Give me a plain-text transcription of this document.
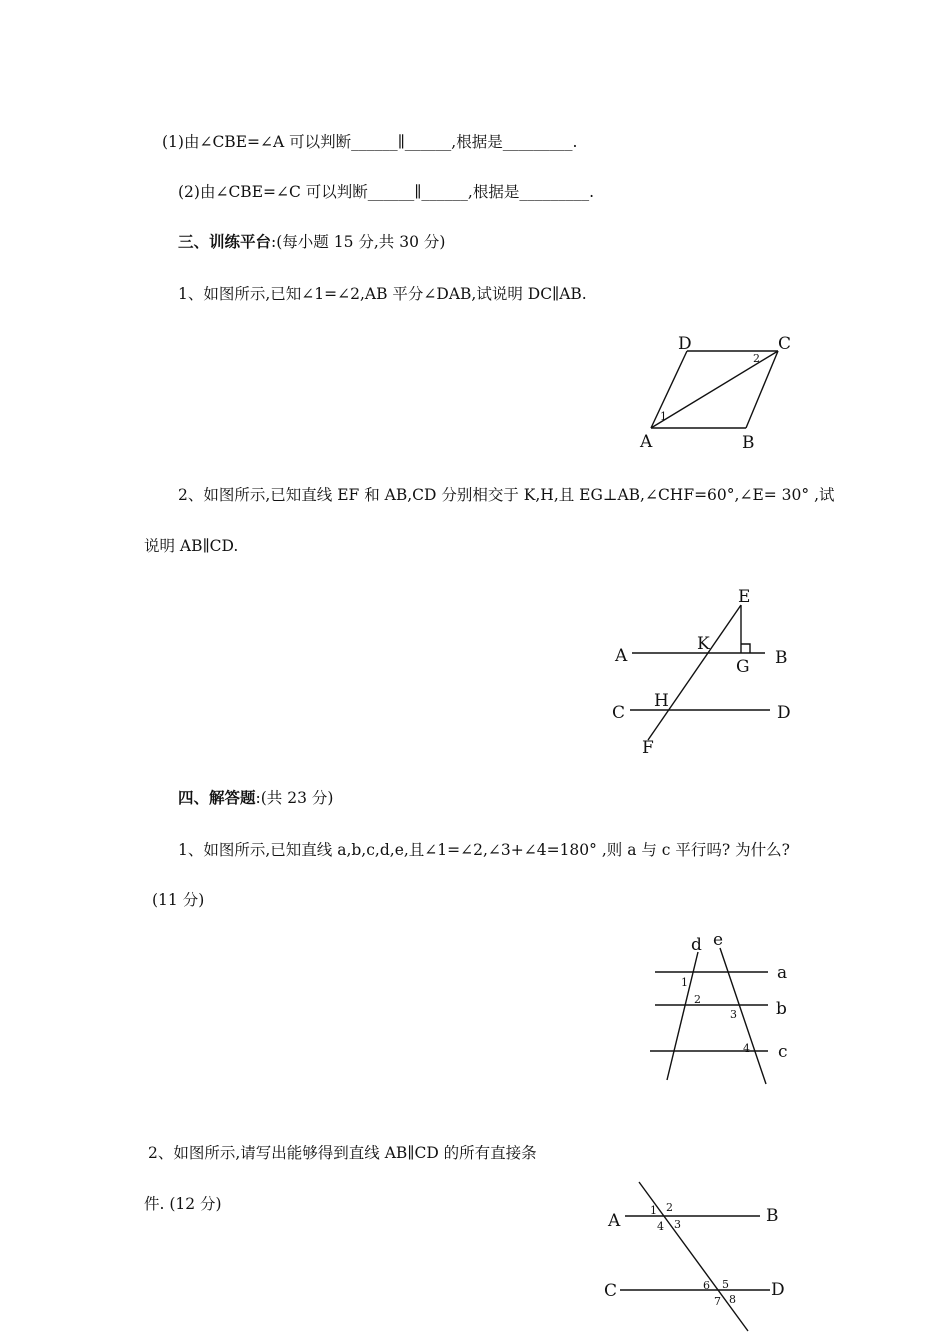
(1)由∠CBE=∠A 可以判断______∥______,根据是_________.
(2)由∠CBE=∠C 可以判断______∥______,根据是_________.
三、训练平台:(每小题 15 分,共 30 分)
1、如图所示,已知∠1=∠2,AB 平分∠DAB,试说明 DC∥AB.
D	C
A	B
1
2
2、如图所示,已知直线 EF 和 AB,CD 分别相交于 K,H,且 EG⊥AB,∠CHF=60°,∠E= 30° ,试
说明 AB∥CD.
E
A
K
G B
C
H
D
F
四、解答题:(共 23 分)
1、如图所示,已知直线 a,b,c,d,e,且∠1=∠2,∠3+∠4=180° ,则 a 与 c 平行吗? 为什么?
(11 分)
d e
a
b
c
1
2
3
4
2、如图所示,请写出能够得到直线 AB∥CD 的所有直接条
件. (12 分)
A	B
C	D
1 2
3
4
5
6
7 8
